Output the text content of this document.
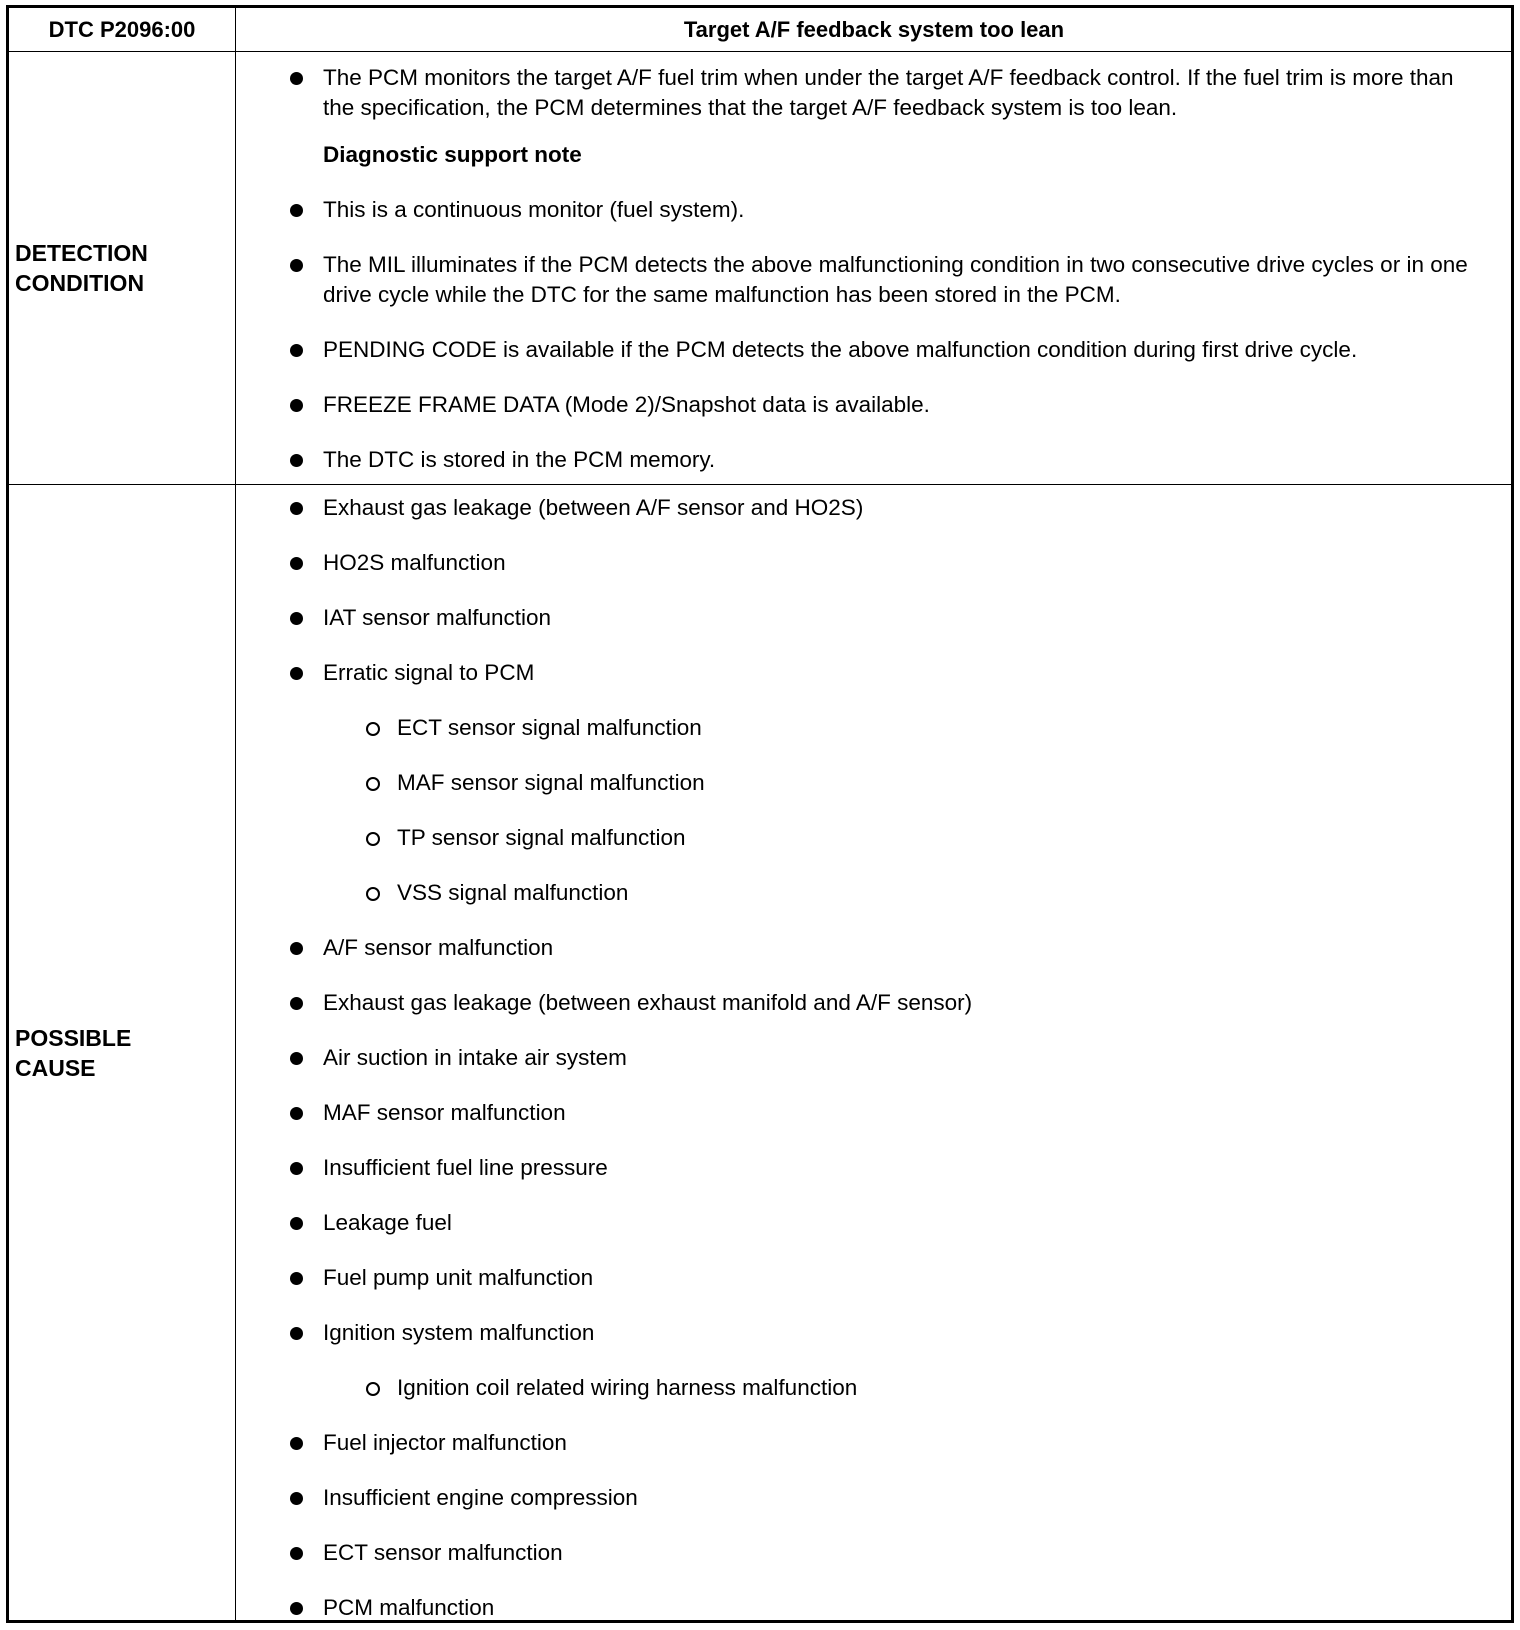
DTC P2096:00	Target A/F feedback system too lean
DETECTION
CONDITION
The PCM monitors the target A/F fuel trim when under the target A/F feedback control. If the fuel trim is more than the specification, the PCM determines that the target A/F feedback system is too lean.
Diagnostic support note
This is a continuous monitor (fuel system).
The MIL illuminates if the PCM detects the above malfunctioning condition in two consecutive drive cycles or in one drive cycle while the DTC for the same malfunction has been stored in the PCM.
PENDING CODE is available if the PCM detects the above malfunction condition during first drive cycle.
FREEZE FRAME DATA (Mode 2)/Snapshot data is available.
The DTC is stored in the PCM memory.
POSSIBLE
CAUSE
Exhaust gas leakage (between A/F sensor and HO2S)
HO2S malfunction
IAT sensor malfunction
Erratic signal to PCM
ECT sensor signal malfunction
MAF sensor signal malfunction
TP sensor signal malfunction
VSS signal malfunction
A/F sensor malfunction
Exhaust gas leakage (between exhaust manifold and A/F sensor)
Air suction in intake air system
MAF sensor malfunction
Insufficient fuel line pressure
Leakage fuel
Fuel pump unit malfunction
Ignition system malfunction
Ignition coil related wiring harness malfunction
Fuel injector malfunction
Insufficient engine compression
ECT sensor malfunction
PCM malfunction
